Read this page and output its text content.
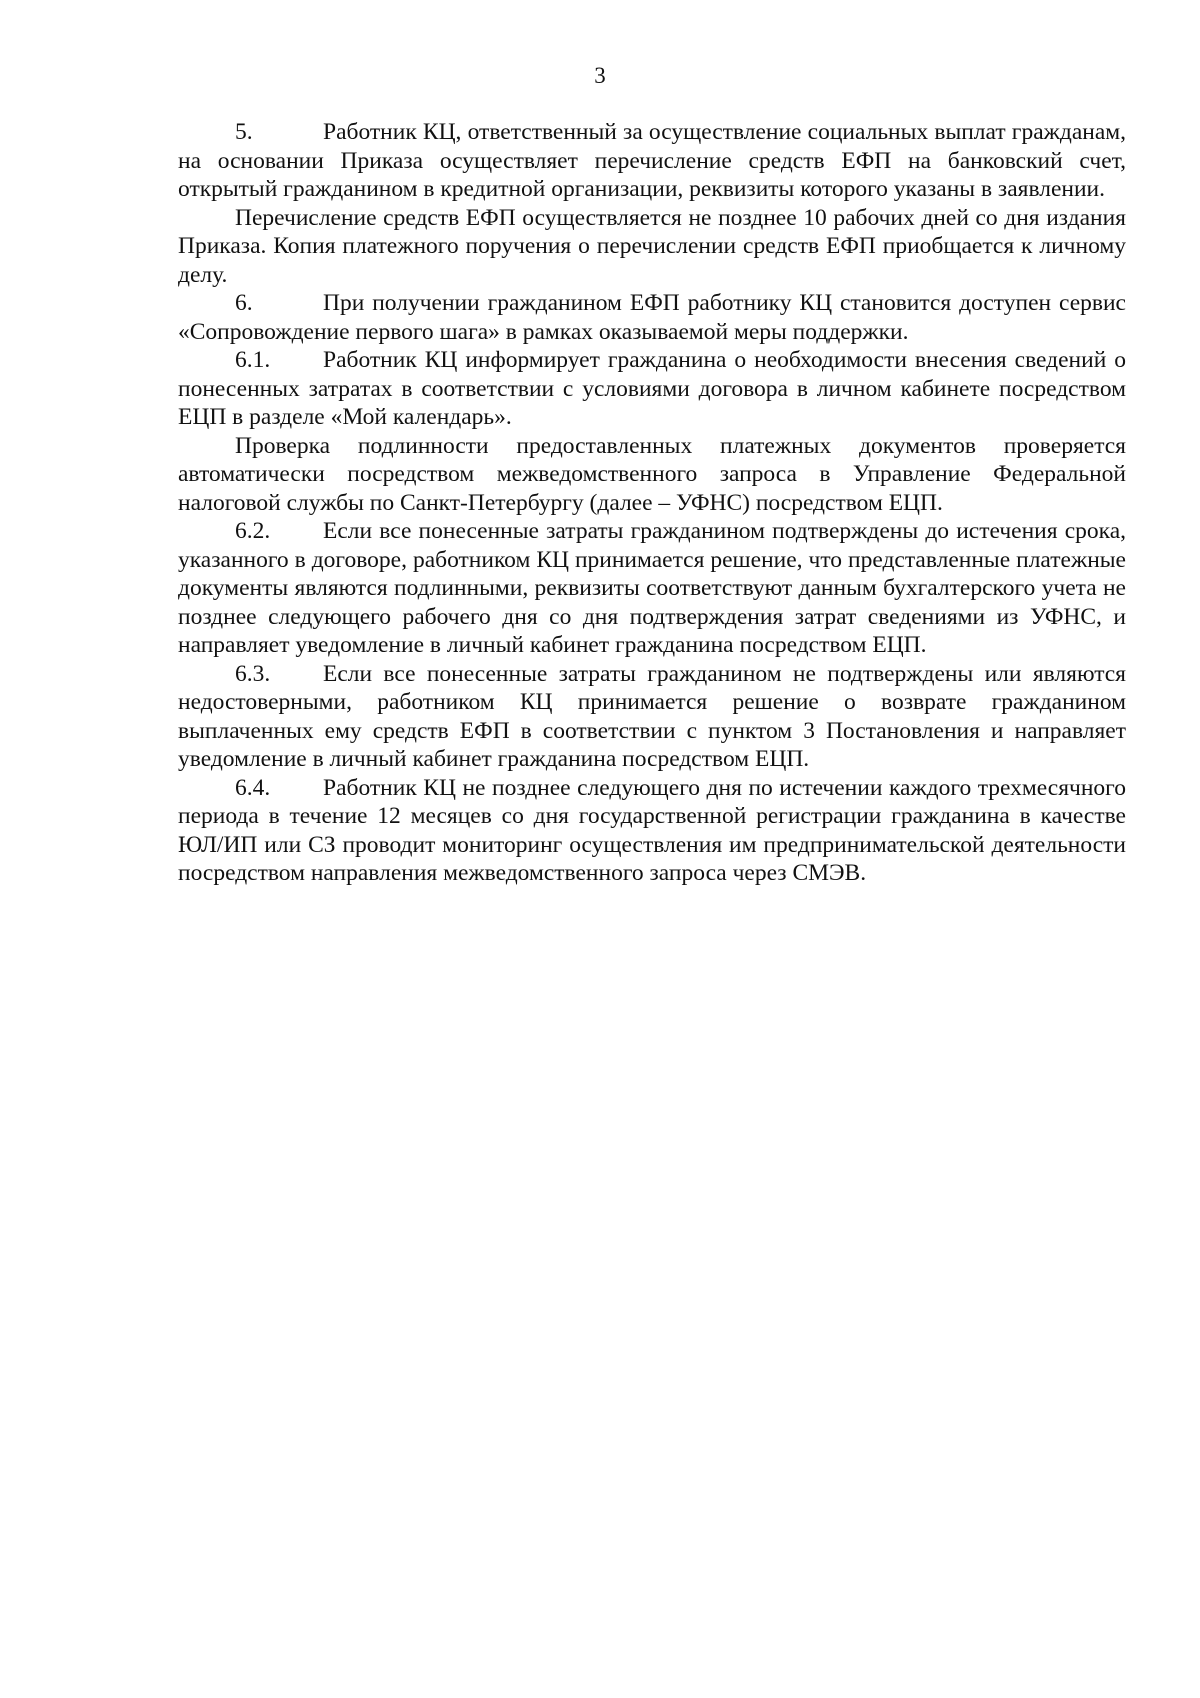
3

5.	Работник КЦ, ответственный за осуществление социальных выплат гражданам, на основании Приказа осуществляет перечисление средств ЕФП на банковский счет, открытый гражданином в кредитной организации, реквизиты которого указаны в заявлении.

Перечисление средств ЕФП осуществляется не позднее 10 рабочих дней со дня издания Приказа. Копия платежного поручения о перечислении средств ЕФП приобщается к личному делу.

6.	При получении гражданином ЕФП работнику КЦ становится доступен сервис «Сопровождение первого шага» в рамках оказываемой меры поддержки.

6.1. Работник КЦ информирует гражданина о необходимости внесения сведений о понесенных затратах в соответствии с условиями договора в личном кабинете посредством ЕЦП в разделе «Мой календарь».

Проверка подлинности предоставленных платежных документов проверяется автоматически посредством межведомственного запроса в Управление Федеральной налоговой службы по Санкт-Петербургу (далее – УФНС) посредством ЕЦП.

6.2. Если все понесенные затраты гражданином подтверждены до истечения срока, указанного в договоре, работником КЦ принимается решение, что представленные платежные документы являются подлинными, реквизиты соответствуют данным бухгалтерского учета не позднее следующего рабочего дня со дня подтверждения затрат сведениями из УФНС, и направляет уведомление в личный кабинет гражданина посредством ЕЦП.

6.3. Если все понесенные затраты гражданином не подтверждены или являются недостоверными, работником КЦ принимается решение о возврате гражданином выплаченных ему средств ЕФП в соответствии с пунктом 3 Постановления и направляет уведомление в личный кабинет гражданина посредством ЕЦП.

6.4. Работник КЦ не позднее следующего дня по истечении каждого трехмесячного периода в течение 12 месяцев со дня государственной регистрации гражданина в качестве ЮЛ/ИП или СЗ проводит мониторинг осуществления им предпринимательской деятельности посредством направления межведомственного запроса через СМЭВ.
